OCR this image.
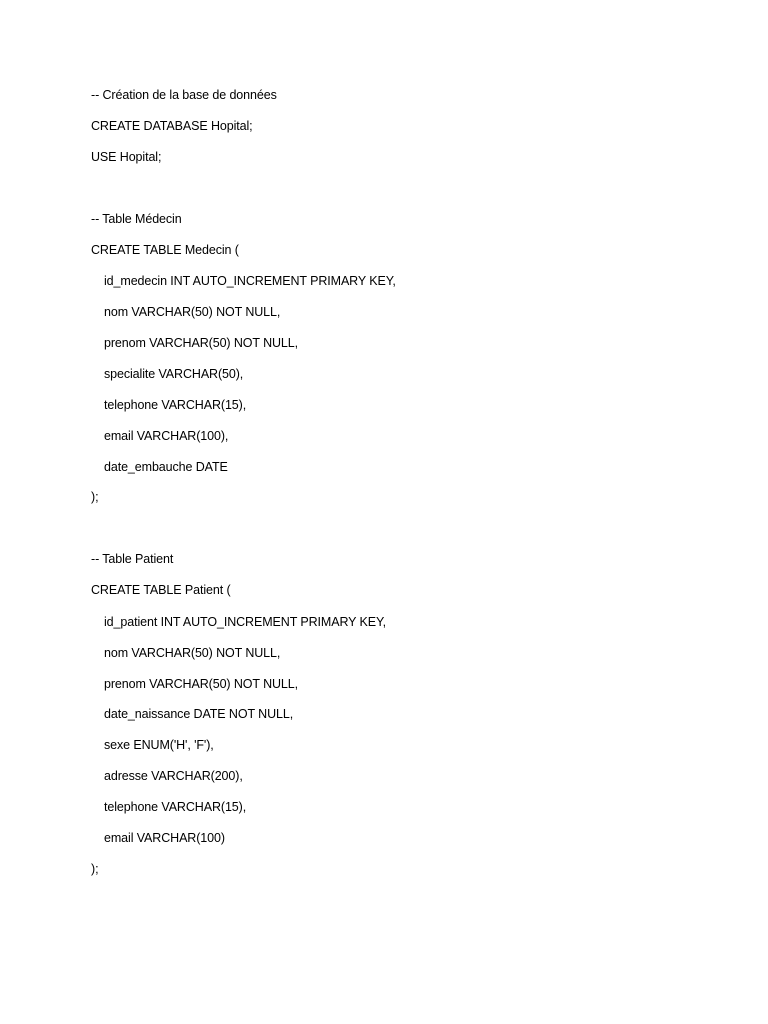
-- Création de la base de données
CREATE DATABASE Hopital;
USE Hopital;
-- Table Médecin
CREATE TABLE Medecin (
id_medecin INT AUTO_INCREMENT PRIMARY KEY,
nom VARCHAR(50) NOT NULL,
prenom VARCHAR(50) NOT NULL,
specialite VARCHAR(50),
telephone VARCHAR(15),
email VARCHAR(100),
date_embauche DATE
);
-- Table Patient
CREATE TABLE Patient (
id_patient INT AUTO_INCREMENT PRIMARY KEY,
nom VARCHAR(50) NOT NULL,
prenom VARCHAR(50) NOT NULL,
date_naissance DATE NOT NULL,
sexe ENUM('H', 'F'),
adresse VARCHAR(200),
telephone VARCHAR(15),
email VARCHAR(100)
);
